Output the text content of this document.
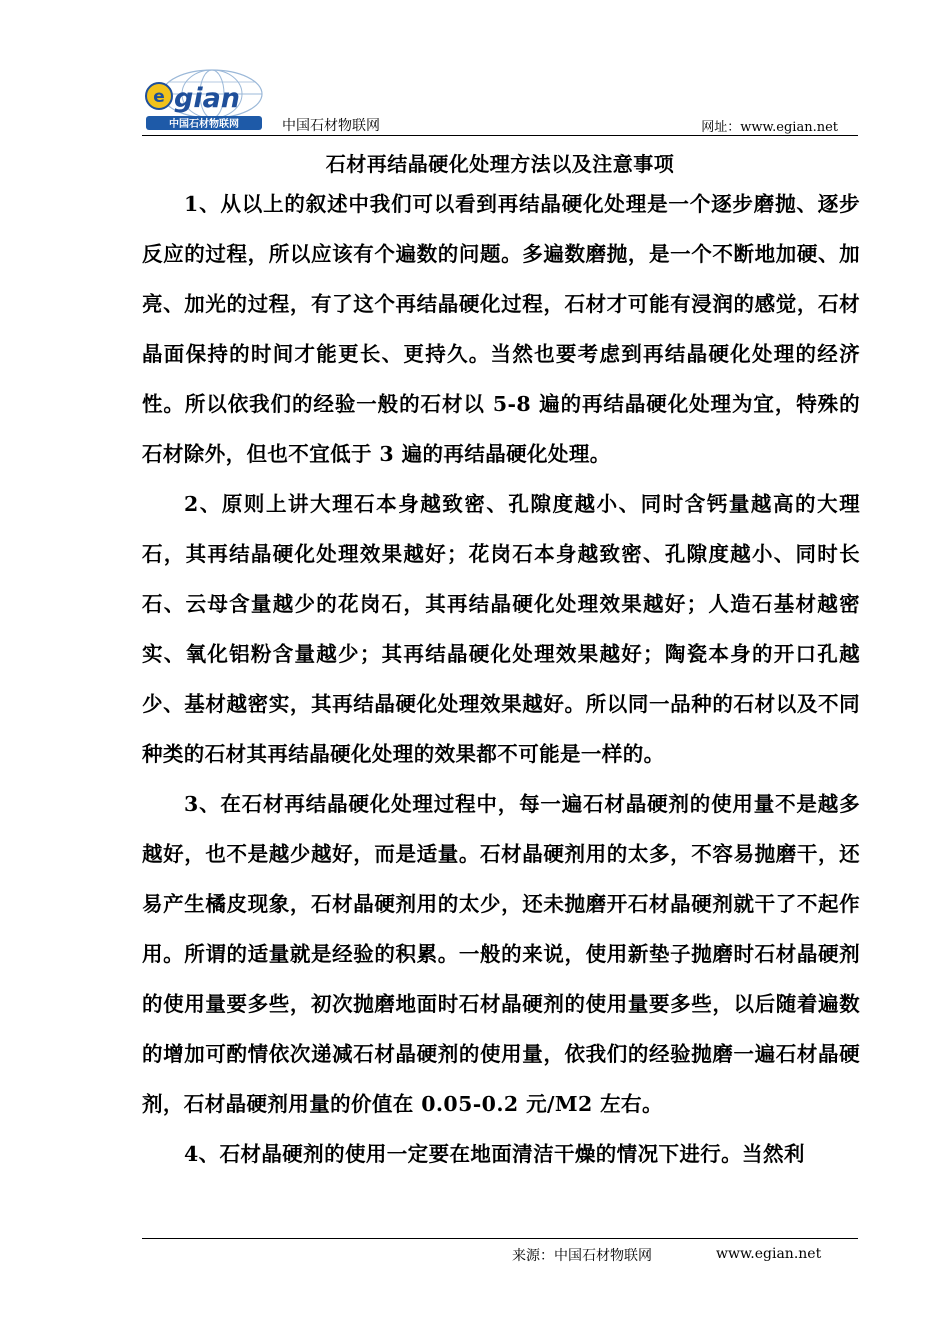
e gian
中国石材物联网	中国石材物联网	网址：www.egian.net
石材再结晶硬化处理方法以及注意事项

1、从以上的叙述中我们可以看到再结晶硬化处理是一个逐步磨抛、逐步反应的过程，所以应该有个遍数的问题。多遍数磨抛，是一个不断地加硬、加亮、加光的过程，有了这个再结晶硬化过程，石材才可能有浸润的感觉，石材晶面保持的时间才能更长、更持久。当然也要考虑到再结晶硬化处理的经济性。所以依我们的经验一般的石材以 5-8 遍的再结晶硬化处理为宜，特殊的石材除外，但也不宜低于 3 遍的再结晶硬化处理。

2、原则上讲大理石本身越致密、孔隙度越小、同时含钙量越高的大理石，其再结晶硬化处理效果越好；花岗石本身越致密、孔隙度越小、同时长石、云母含量越少的花岗石，其再结晶硬化处理效果越好；人造石基材越密实、氧化铝粉含量越少；其再结晶硬化处理效果越好；陶瓷本身的开口孔越少、基材越密实，其再结晶硬化处理效果越好。所以同一品种的石材以及不同种类的石材其再结晶硬化处理的效果都不可能是一样的。

3、在石材再结晶硬化处理过程中，每一遍石材晶硬剂的使用量不是越多越好，也不是越少越好，而是适量。石材晶硬剂用的太多，不容易抛磨干，还易产生橘皮现象，石材晶硬剂用的太少，还未抛磨开石材晶硬剂就干了不起作用。所谓的适量就是经验的积累。一般的来说，使用新垫子抛磨时石材晶硬剂的使用量要多些，初次抛磨地面时石材晶硬剂的使用量要多些，以后随着遍数的增加可酌情依次递减石材晶硬剂的使用量，依我们的经验抛磨一遍石材晶硬剂，石材晶硬剂用量的价值在 0.05-0.2 元/M2 左右。

4、石材晶硬剂的使用一定要在地面清洁干燥的情况下进行。当然利

来源：中国石材物联网	www.egian.net
